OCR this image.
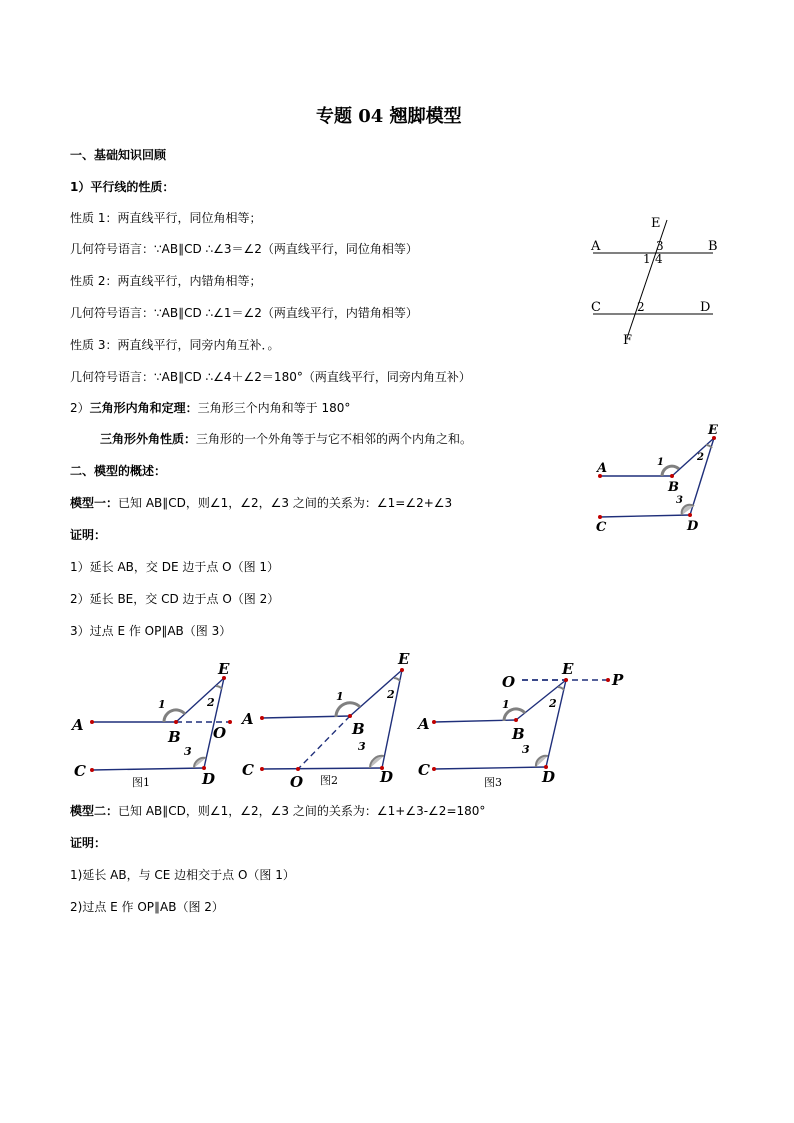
专题 04 翘脚模型
一、基础知识回顾
1）平行线的性质：
性质 1：两直线平行，同位角相等；
几何符号语言：∵AB∥CD ∴∠3＝∠2（两直线平行，同位角相等）
性质 2：两直线平行，内错角相等；
几何符号语言：∵AB∥CD ∴∠1＝∠2（两直线平行，内错角相等）
性质 3：两直线平行，同旁内角互补．。
几何符号语言：∵AB∥CD ∴∠4＋∠2＝180°（两直线平行，同旁内角互补）
2）三角形内角和定理：三角形三个内角和等于 180°
三角形外角性质：三角形的一个外角等于与它不相邻的两个内角之和。
二、模型的概述：
模型一：已知 AB∥CD，则∠1，∠2，∠3 之间的关系为：∠1=∠2+∠3
证明：
1）延长 AB，交 DE 边于点 O（图 1）
2）延长 BE，交 CD 边于点 O（图 2）
3）过点 E 作 OP∥AB（图 3）
模型二：已知 AB∥CD，则∠1，∠2，∠3 之间的关系为：∠1+∠3-∠2=180°
证明：
1)延长 AB，与 CE 边相交于点 O（图 1）
2)过点 E 作 OP∥AB（图 2）
A	B
C	D
E
F
3
1 4
2
A
B
E
C	D
1	2
3
A
B
E
O
C	D
1	2
3
图1
A
B
E
C
O	D
1	2
3
图2
O
E
P
A
B
C	D
1	2
3
图3
